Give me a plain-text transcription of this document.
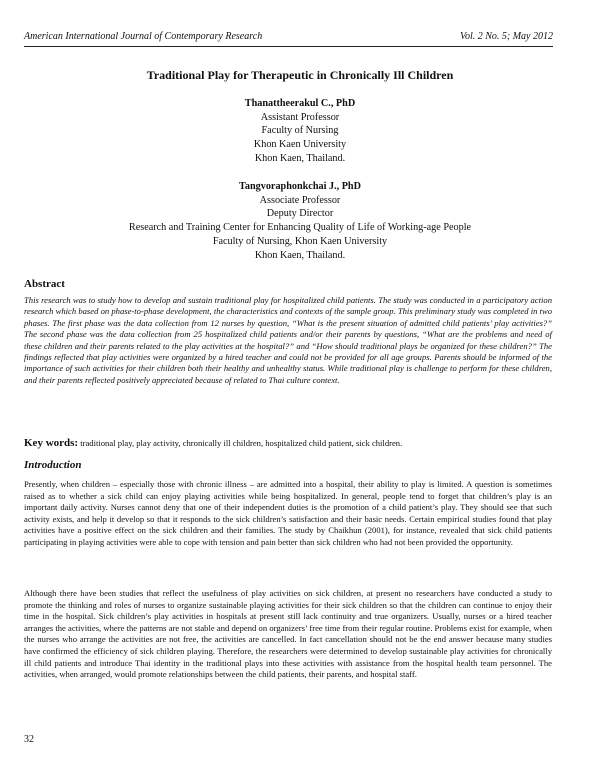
American International Journal of Contemporary Research	Vol. 2 No. 5; May 2012
Traditional Play for Therapeutic in Chronically Ill Children
Thanattheerakul C., PhD
Assistant Professor
Faculty of Nursing
Khon Kaen University
Khon Kaen, Thailand.
Tangvoraphonkchai J., PhD
Associate Professor
Deputy Director
Research and Training Center for Enhancing Quality of Life of Working-age People
Faculty of Nursing, Khon Kaen University
Khon Kaen, Thailand.
Abstract
This research was to study how to develop and sustain traditional play for hospitalized child patients. The study was conducted in a participatory action research which based on phase-to-phase development, the characteristics and contexts of the sample group. This preliminary study was completed in two phases. The first phase was the data collection from 12 nurses by question, “What is the present situation of admitted child patients’ play activities?” The second phase was the data collection from 25 hospitalized child patients and/or their parents by questions, “What are the problems and need of these children and their parents related to the play activities at the hospital?” and “How should traditional plays be organized for these children?” The findings reflected that play activities were organized by a hired teacher and could not be provided for all age groups. Parents should be informed of the importance of such activities for their children both their healthy and unhealthy status. While traditional play is challenge to perform for these children, and their parents reflected positively appreciated because of related to Thai culture context.
Key words: traditional play, play activity, chronically ill children, hospitalized child patient, sick children.
Introduction
Presently, when children – especially those with chronic illness – are admitted into a hospital, their ability to play is limited. A question is sometimes raised as to whether a sick child can enjoy playing activities while being hospitalized. In general, people tend to forget that children’s play is an important daily activity. Nurses cannot deny that one of their independent duties is the promotion of a child patient’s play. They should see that such activity exists, and help it develop so that it responds to the sick children’s satisfaction and their basic needs. Certain empirical studies found that play activities have a positive effect on the sick children and their families. The study by Chaikhun (2001), for instance, revealed that sick child patients participating in playing activities were able to cope with tension and pain better than sick children who had not been provided the opportunity.
Although there have been studies that reflect the usefulness of play activities on sick children, at present no researchers have conducted a study to promote the thinking and roles of nurses to organize sustainable playing activities for their sick children so that the children can continue to enjoy their time in the hospital. Sick children’s play activities in hospitals at present still lack continuity and true organizers. Usually, nurses or a hired teacher arranges the activities, where the patterns are not stable and depend on organizers’ free time from their regular routine. Problems exist for example, when the nurses who arrange the activities are not free, the activities are cancelled. In fact cancellation should not be the end answer because many studies have confirmed the efficiency of sick children playing. Therefore, the researchers were determined to develop sustainable play activities for chronically ill child patients and introduce Thai identity in the traditional plays into these activities with assistance from the hospital health team personnel. The activities, when arranged, would promote relationships between the child patients, their parents, and hospital staff.
32
